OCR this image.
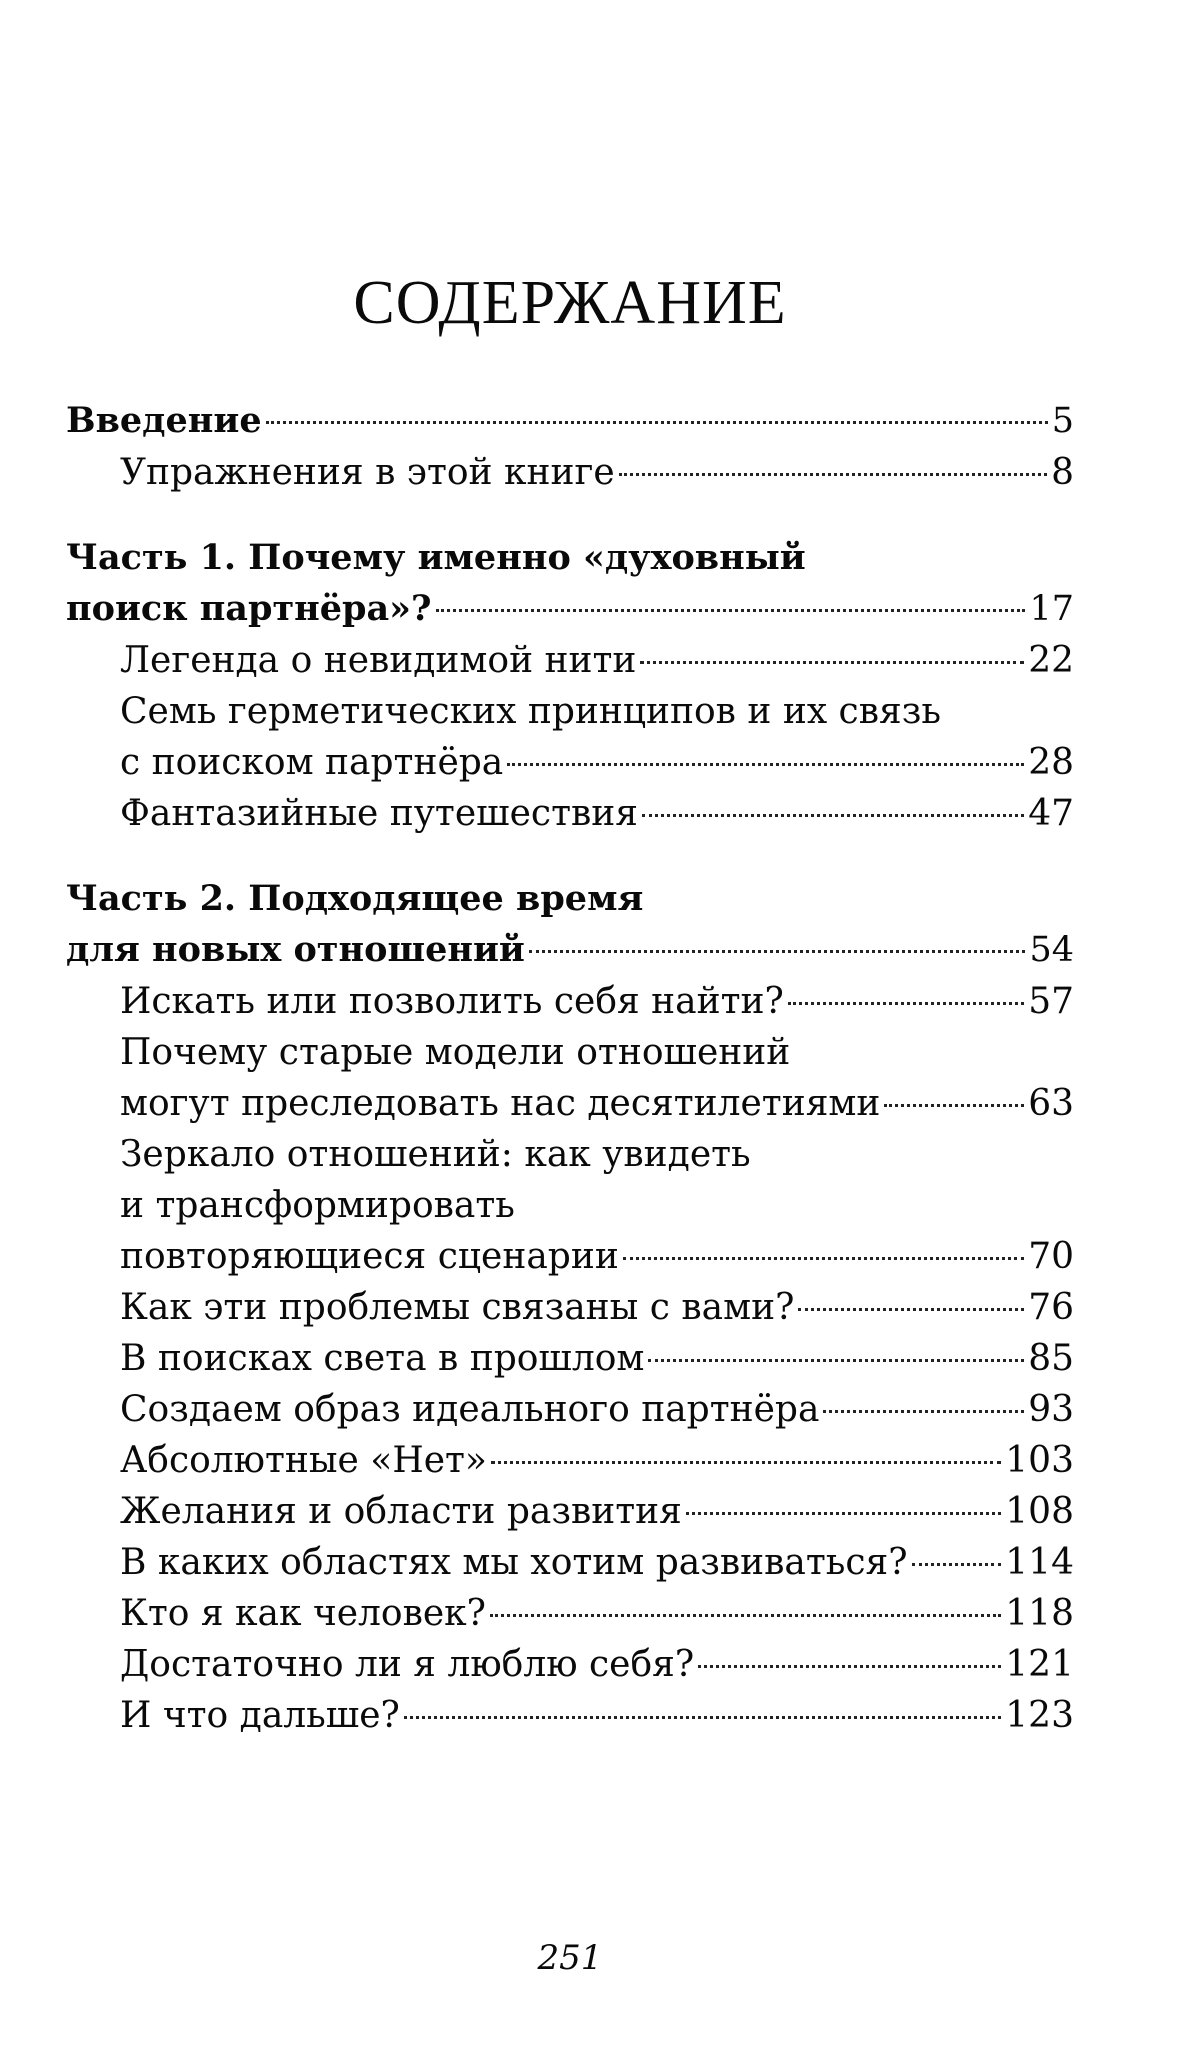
СОДЕРЖАНИЕ
Введение	5
Упражнения в этой книге	8
Часть 1. Почему именно «духовный
поиск партнёра»?	17
Легенда о невидимой нити	22
Семь герметических принципов и их связь
с поиском партнёра	28
Фантазийные путешествия	47
Часть 2. Подходящее время
для новых отношений	54
Искать или позволить себя найти?	57
Почему старые модели отношений
могут преследовать нас десятилетиями	63
Зеркало отношений: как увидеть
и трансформировать
повторяющиеся сценарии	70
Как эти проблемы связаны с вами?	76
В поисках света в прошлом	85
Создаем образ идеального партнёра	93
Абсолютные «Нет»	103
Желания и области развития	108
В каких областях мы хотим развиваться?	114
Кто я как человек?	118
Достаточно ли я люблю себя?	121
И что дальше?	123
251
